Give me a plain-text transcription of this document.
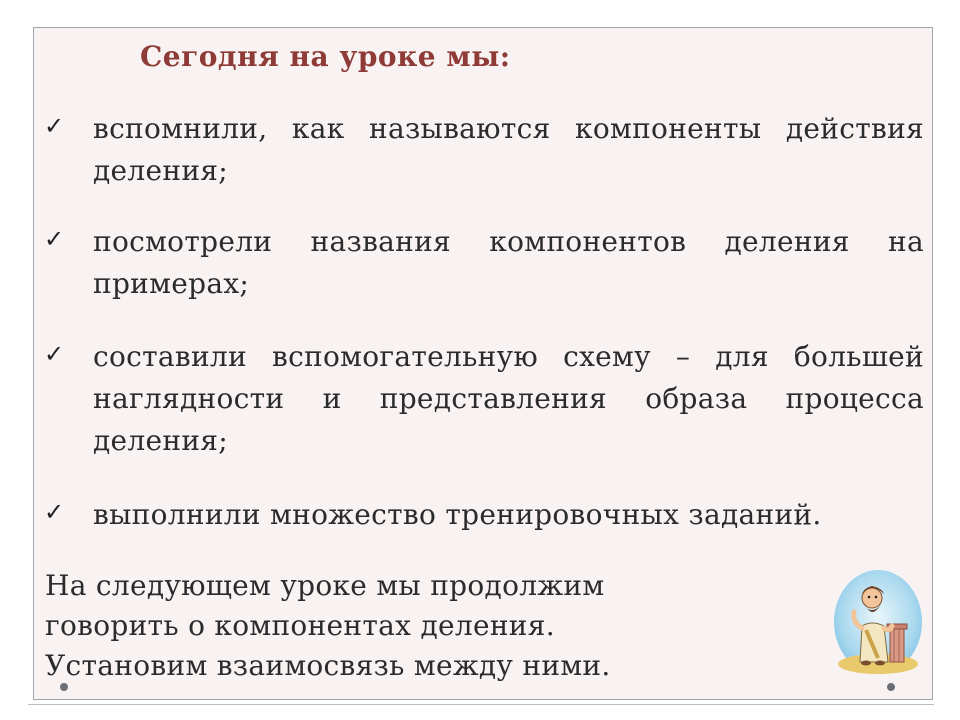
Сегодня на уроке мы:
✓ вспомнили, как называются компоненты действия деления;
✓ посмотрели названия компонентов деления на примерах;
✓ составили вспомогательную схему – для большей наглядности и представления образа процесса деления;
✓ выполнили множество тренировочных заданий.

На следующем уроке мы продолжим
говорить о компонентах деления.
Установим взаимосвязь между ними.
